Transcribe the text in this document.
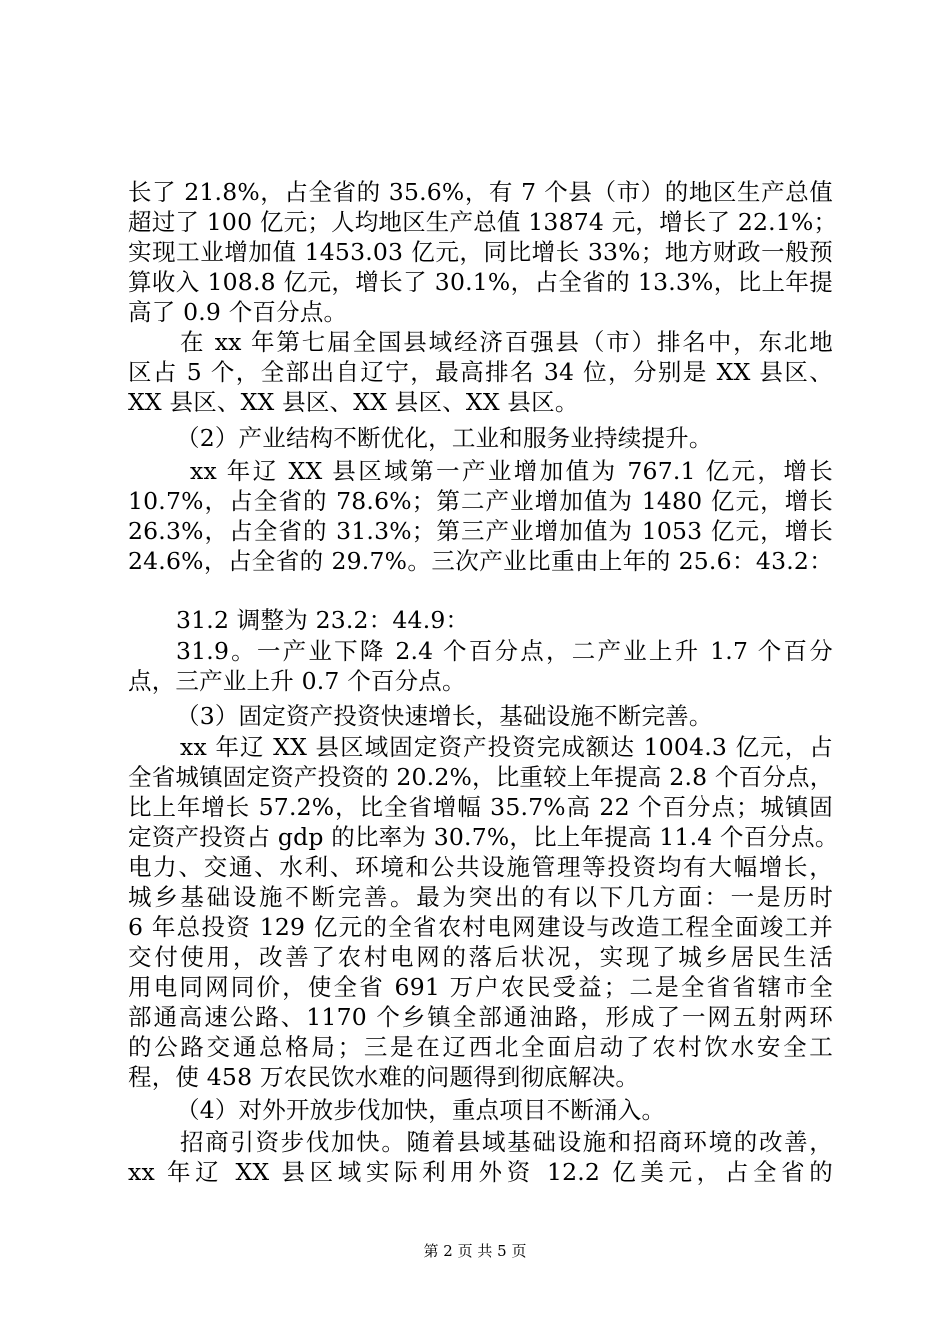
长了 21.8%，占全省的 35.6%，有 7 个县（市）的地区生产总值
超过了 100 亿元；人均地区生产总值 13874 元，增长了 22.1%；
实现工业增加值 1453.03 亿元，同比增长 33%；地方财政一般预
算收入 108.8 亿元，增长了 30.1%，占全省的 13.3%，比上年提
高了 0.9 个百分点。
在 xx 年第七届全国县域经济百强县（市）排名中，东北地
区占 5 个，全部出自辽宁，最高排名 34 位，分别是 XX 县区、
XX 县区、XX 县区、XX 县区、XX 县区。
（2）产业结构不断优化，工业和服务业持续提升。
xx 年辽 XX 县区域第一产业增加值为 767.1 亿元，增长
10.7%，占全省的 78.6%；第二产业增加值为 1480 亿元，增长
26.3%，占全省的 31.3%；第三产业增加值为 1053 亿元，增长
24.6%，占全省的 29.7%。三次产业比重由上年的 25.6：43.2：
31.2 调整为 23.2：44.9：
31.9。一产业下降 2.4 个百分点，二产业上升 1.7 个百分
点，三产业上升 0.7 个百分点。
（3）固定资产投资快速增长，基础设施不断完善。
xx 年辽 XX 县区域固定资产投资完成额达 1004.3 亿元，占
全省城镇固定资产投资的 20.2%，比重较上年提高 2.8 个百分点，
比上年增长 57.2%，比全省增幅 35.7%高 22 个百分点；城镇固
定资产投资占 gdp 的比率为 30.7%，比上年提高 11.4 个百分点。
电力、交通、水利、环境和公共设施管理等投资均有大幅增长，
城乡基础设施不断完善。最为突出的有以下几方面：一是历时
6 年总投资 129 亿元的全省农村电网建设与改造工程全面竣工并
交付使用，改善了农村电网的落后状况，实现了城乡居民生活
用电同网同价，使全省 691 万户农民受益；二是全省省辖市全
部通高速公路、1170 个乡镇全部通油路，形成了一网五射两环
的公路交通总格局；三是在辽西北全面启动了农村饮水安全工
程，使 458 万农民饮水难的问题得到彻底解决。
（4）对外开放步伐加快，重点项目不断涌入。
招商引资步伐加快。随着县域基础设施和招商环境的改善，
xx 年辽 XX 县区域实际利用外资 12.2 亿美元，占全省的
第 2 页 共 5 页
